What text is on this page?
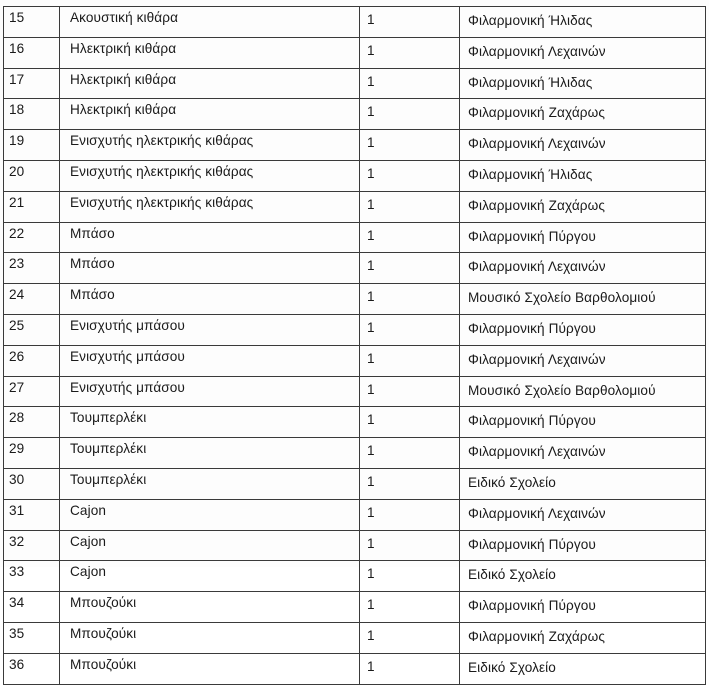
15	Ακουστική κιθάρα	1	Φιλαρμονική Ήλιδας
16	Ηλεκτρική κιθάρα	1	Φιλαρμονική Λεχαινών
17	Ηλεκτρική κιθάρα	1	Φιλαρμονική Ήλιδας
18	Ηλεκτρική κιθάρα	1	Φιλαρμονική Ζαχάρως
19	Ενισχυτής ηλεκτρικής κιθάρας	1	Φιλαρμονική Λεχαινών
20	Ενισχυτής ηλεκτρικής κιθάρας	1	Φιλαρμονική Ήλιδας
21	Ενισχυτής ηλεκτρικής κιθάρας	1	Φιλαρμονική Ζαχάρως
22	Μπάσο	1	Φιλαρμονική Πύργου
23	Μπάσο	1	Φιλαρμονική Λεχαινών
24	Μπάσο	1	Μουσικό Σχολείο Βαρθολομιού
25	Ενισχυτής μπάσου	1	Φιλαρμονική Πύργου
26	Ενισχυτής μπάσου	1	Φιλαρμονική Λεχαινών
27	Ενισχυτής μπάσου	1	Μουσικό Σχολείο Βαρθολομιού
28	Τουμπερλέκι	1	Φιλαρμονική Πύργου
29	Τουμπερλέκι	1	Φιλαρμονική Λεχαινών
30	Τουμπερλέκι	1	Ειδικό Σχολείο
31	Cajon	1	Φιλαρμονική Λεχαινών
32	Cajon	1	Φιλαρμονική Πύργου
33	Cajon	1	Ειδικό Σχολείο
34	Μπουζούκι	1	Φιλαρμονική Πύργου
35	Μπουζούκι	1	Φιλαρμονική Ζαχάρως
36	Μπουζούκι	1	Ειδικό Σχολείο
